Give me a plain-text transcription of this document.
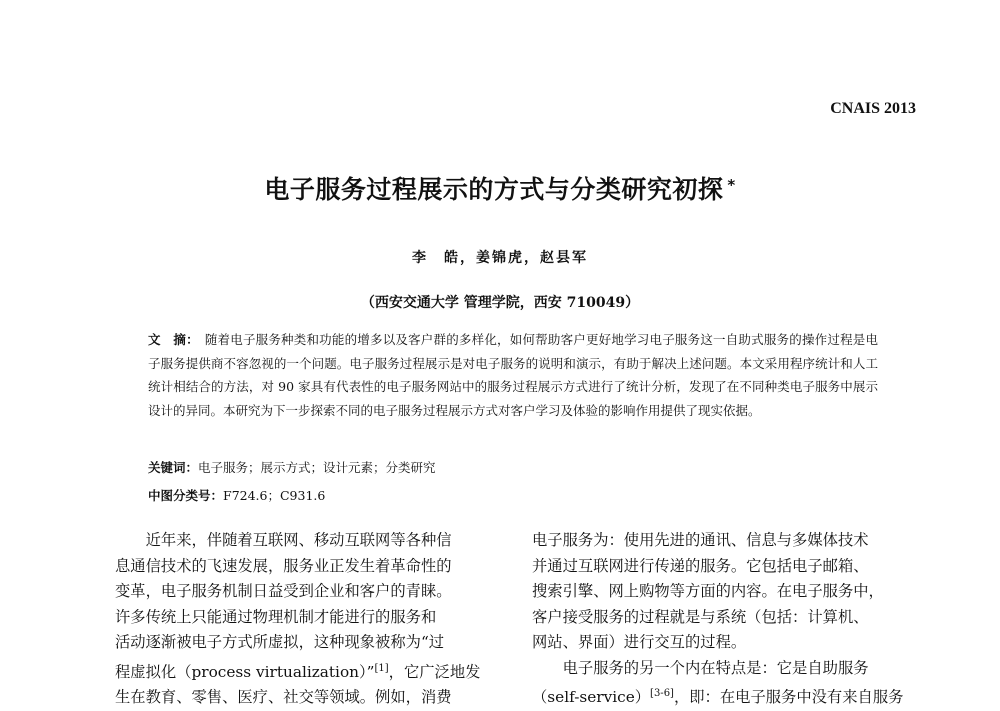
CNAIS 2013
电子服务过程展示的方式与分类研究初探 *
李　皓，姜锦虎，赵县军
（西安交通大学 管理学院，西安 710049）
文　摘： 随着电子服务种类和功能的增多以及客户群的多样化，如何帮助客户更好地学习电子服务这一自助式服务的操作过程是电子服务提供商不容忽视的一个问题。电子服务过程展示是对电子服务的说明和演示，有助于解决上述问题。本文采用程序统计和人工统计相结合的方法，对 90 家具有代表性的电子服务网站中的服务过程展示方式进行了统计分析，发现了在不同种类电子服务中展示设计的异同。本研究为下一步探索不同的电子服务过程展示方式对客户学习及体验的影响作用提供了现实依据。
关键词：电子服务；展示方式；设计元素；分类研究
中图分类号：F724.6；C931.6

近年来，伴随着互联网、移动互联网等各种信

息通信技术的飞速发展，服务业正发生着革命性的

变革，电子服务机制日益受到企业和客户的青睐。

许多传统上只能通过物理机制才能进行的服务和

活动逐渐被电子方式所虚拟，这种现象被称为“过

程虚拟化（process virtualization）”[1]，它广泛地发

生在教育、零售、医疗、社交等领域。例如，消费

电子服务为：使用先进的通讯、信息与多媒体技术

并通过互联网进行传递的服务。它包括电子邮箱、

搜索引擎、网上购物等方面的内容。在电子服务中，

客户接受服务的过程就是与系统（包括：计算机、

网站、界面）进行交互的过程。

电子服务的另一个内在特点是：它是自助服务

（self-service）[3-6]，即：在电子服务中没有来自服务
